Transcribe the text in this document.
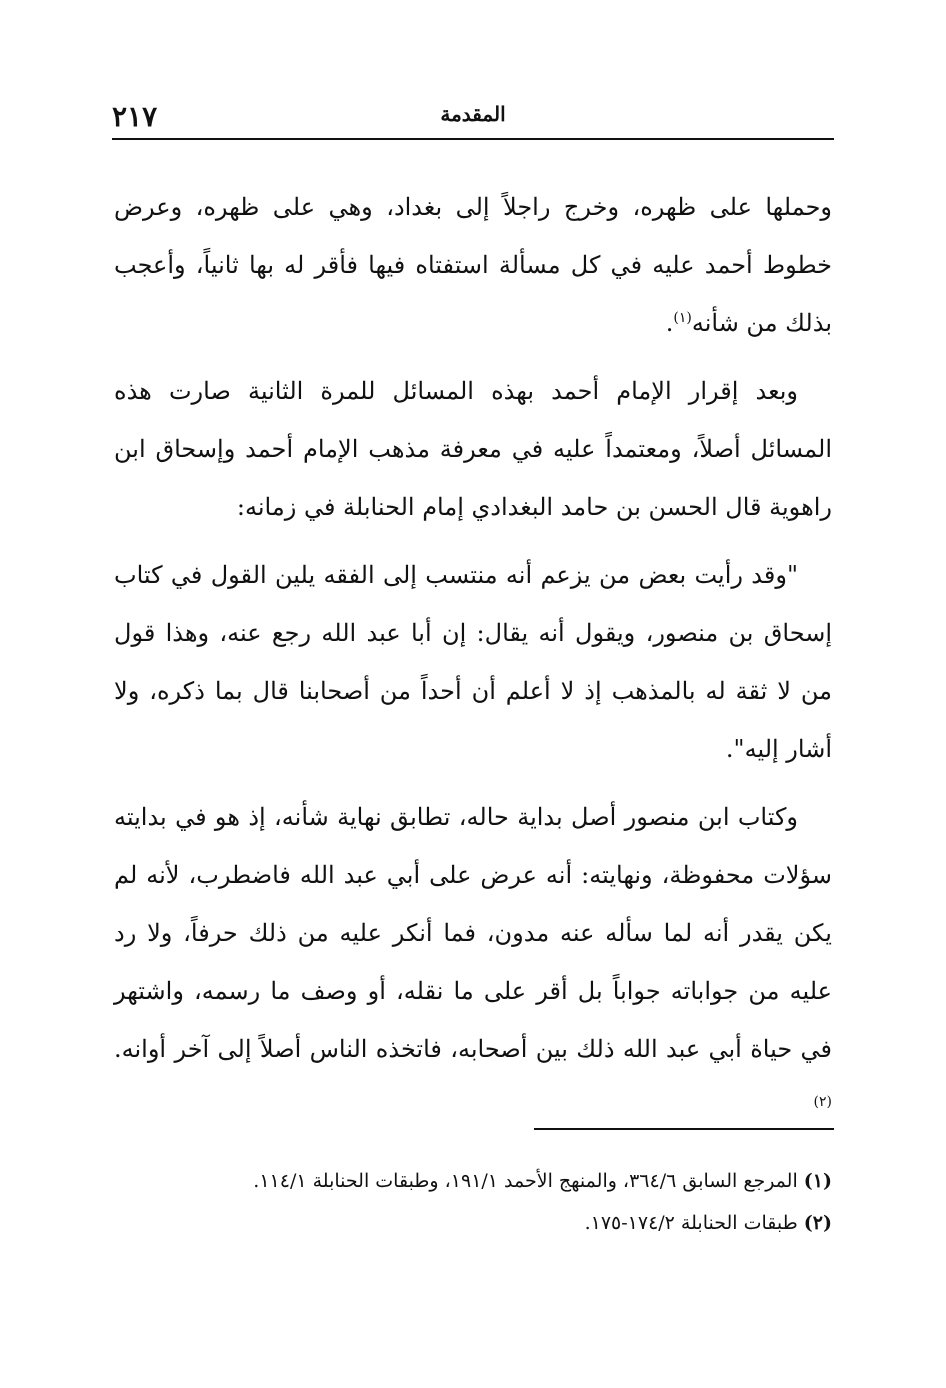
٢١٧	المقدمة

وحملها على ظهره، وخرج راجلاً إلى بغداد، وهي على ظهره، وعرض خطوط أحمد عليه في كل مسألة استفتاه فيها فأقر له بها ثانياً، وأعجب بذلك من شأنه$^{(١)}$.

وبعد إقرار الإمام أحمد بهذه المسائل للمرة الثانية صارت هذه المسائل أصلاً، ومعتمداً عليه في معرفة مذهب الإمام أحمد وإسحاق ابن راهوية قال الحسن بن حامد البغدادي إمام الحنابلة في زمانه:

"وقد رأيت بعض من يزعم أنه منتسب إلى الفقه يلين القول في كتاب إسحاق بن منصور، ويقول أنه يقال: إن أبا عبد الله رجع عنه، وهذا قول من لا ثقة له بالمذهب إذ لا أعلم أن أحداً من أصحابنا قال بما ذكره، ولا أشار إليه".

وكتاب ابن منصور أصل بداية حاله، تطابق نهاية شأنه، إذ هو في بدايته سؤلات محفوظة، ونهايته: أنه عرض على أبي عبد الله فاضطرب، لأنه لم يكن يقدر أنه لما سأله عنه مدون، فما أنكر عليه من ذلك حرفاً، ولا رد عليه من جواباته جواباً بل أقر على ما نقله، أو وصف ما رسمه، واشتهر في حياة أبي عبد الله ذلك بين أصحابه، فاتخذه الناس أصلاً إلى آخر أوانه.$^{(٢)}$

(١) المرجع السابق ٣٦٤/٦، والمنهج الأحمد ١٩١/١، وطبقات الحنابلة ١١٤/١.

(٢) طبقات الحنابلة ١٧٤/٢-١٧٥.
